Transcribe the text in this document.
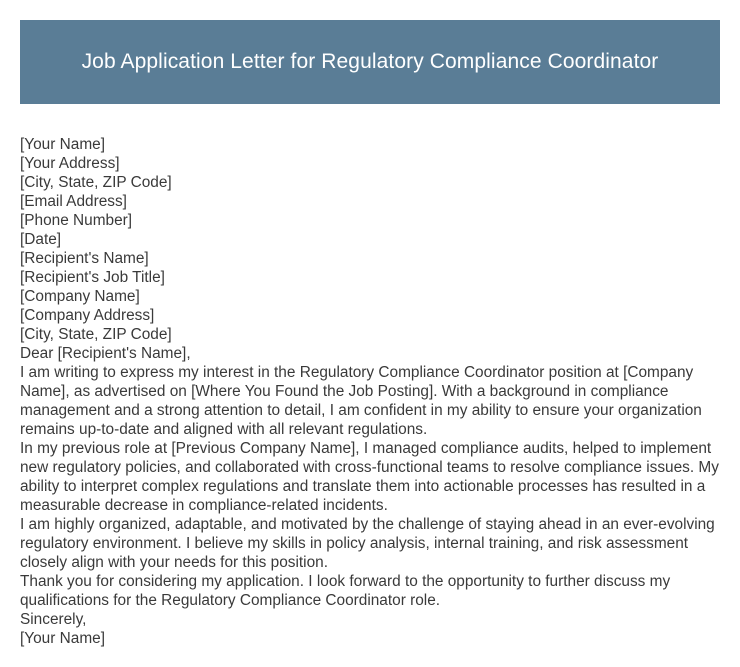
Job Application Letter for Regulatory Compliance Coordinator
[Your Name]
[Your Address]
[City, State, ZIP Code]
[Email Address]
[Phone Number]
[Date]
[Recipient's Name]
[Recipient's Job Title]
[Company Name]
[Company Address]
[City, State, ZIP Code]
Dear [Recipient's Name],

I am writing to express my interest in the Regulatory Compliance Coordinator position at [Company Name], as advertised on [Where You Found the Job Posting]. With a background in compliance management and a strong attention to detail, I am confident in my ability to ensure your organization remains up-to-date and aligned with all relevant regulations.

In my previous role at [Previous Company Name], I managed compliance audits, helped to implement new regulatory policies, and collaborated with cross-functional teams to resolve compliance issues. My ability to interpret complex regulations and translate them into actionable processes has resulted in a measurable decrease in compliance-related incidents.

I am highly organized, adaptable, and motivated by the challenge of staying ahead in an ever-evolving regulatory environment. I believe my skills in policy analysis, internal training, and risk assessment closely align with your needs for this position.

Thank you for considering my application. I look forward to the opportunity to further discuss my qualifications for the Regulatory Compliance Coordinator role.

Sincerely,
[Your Name]
